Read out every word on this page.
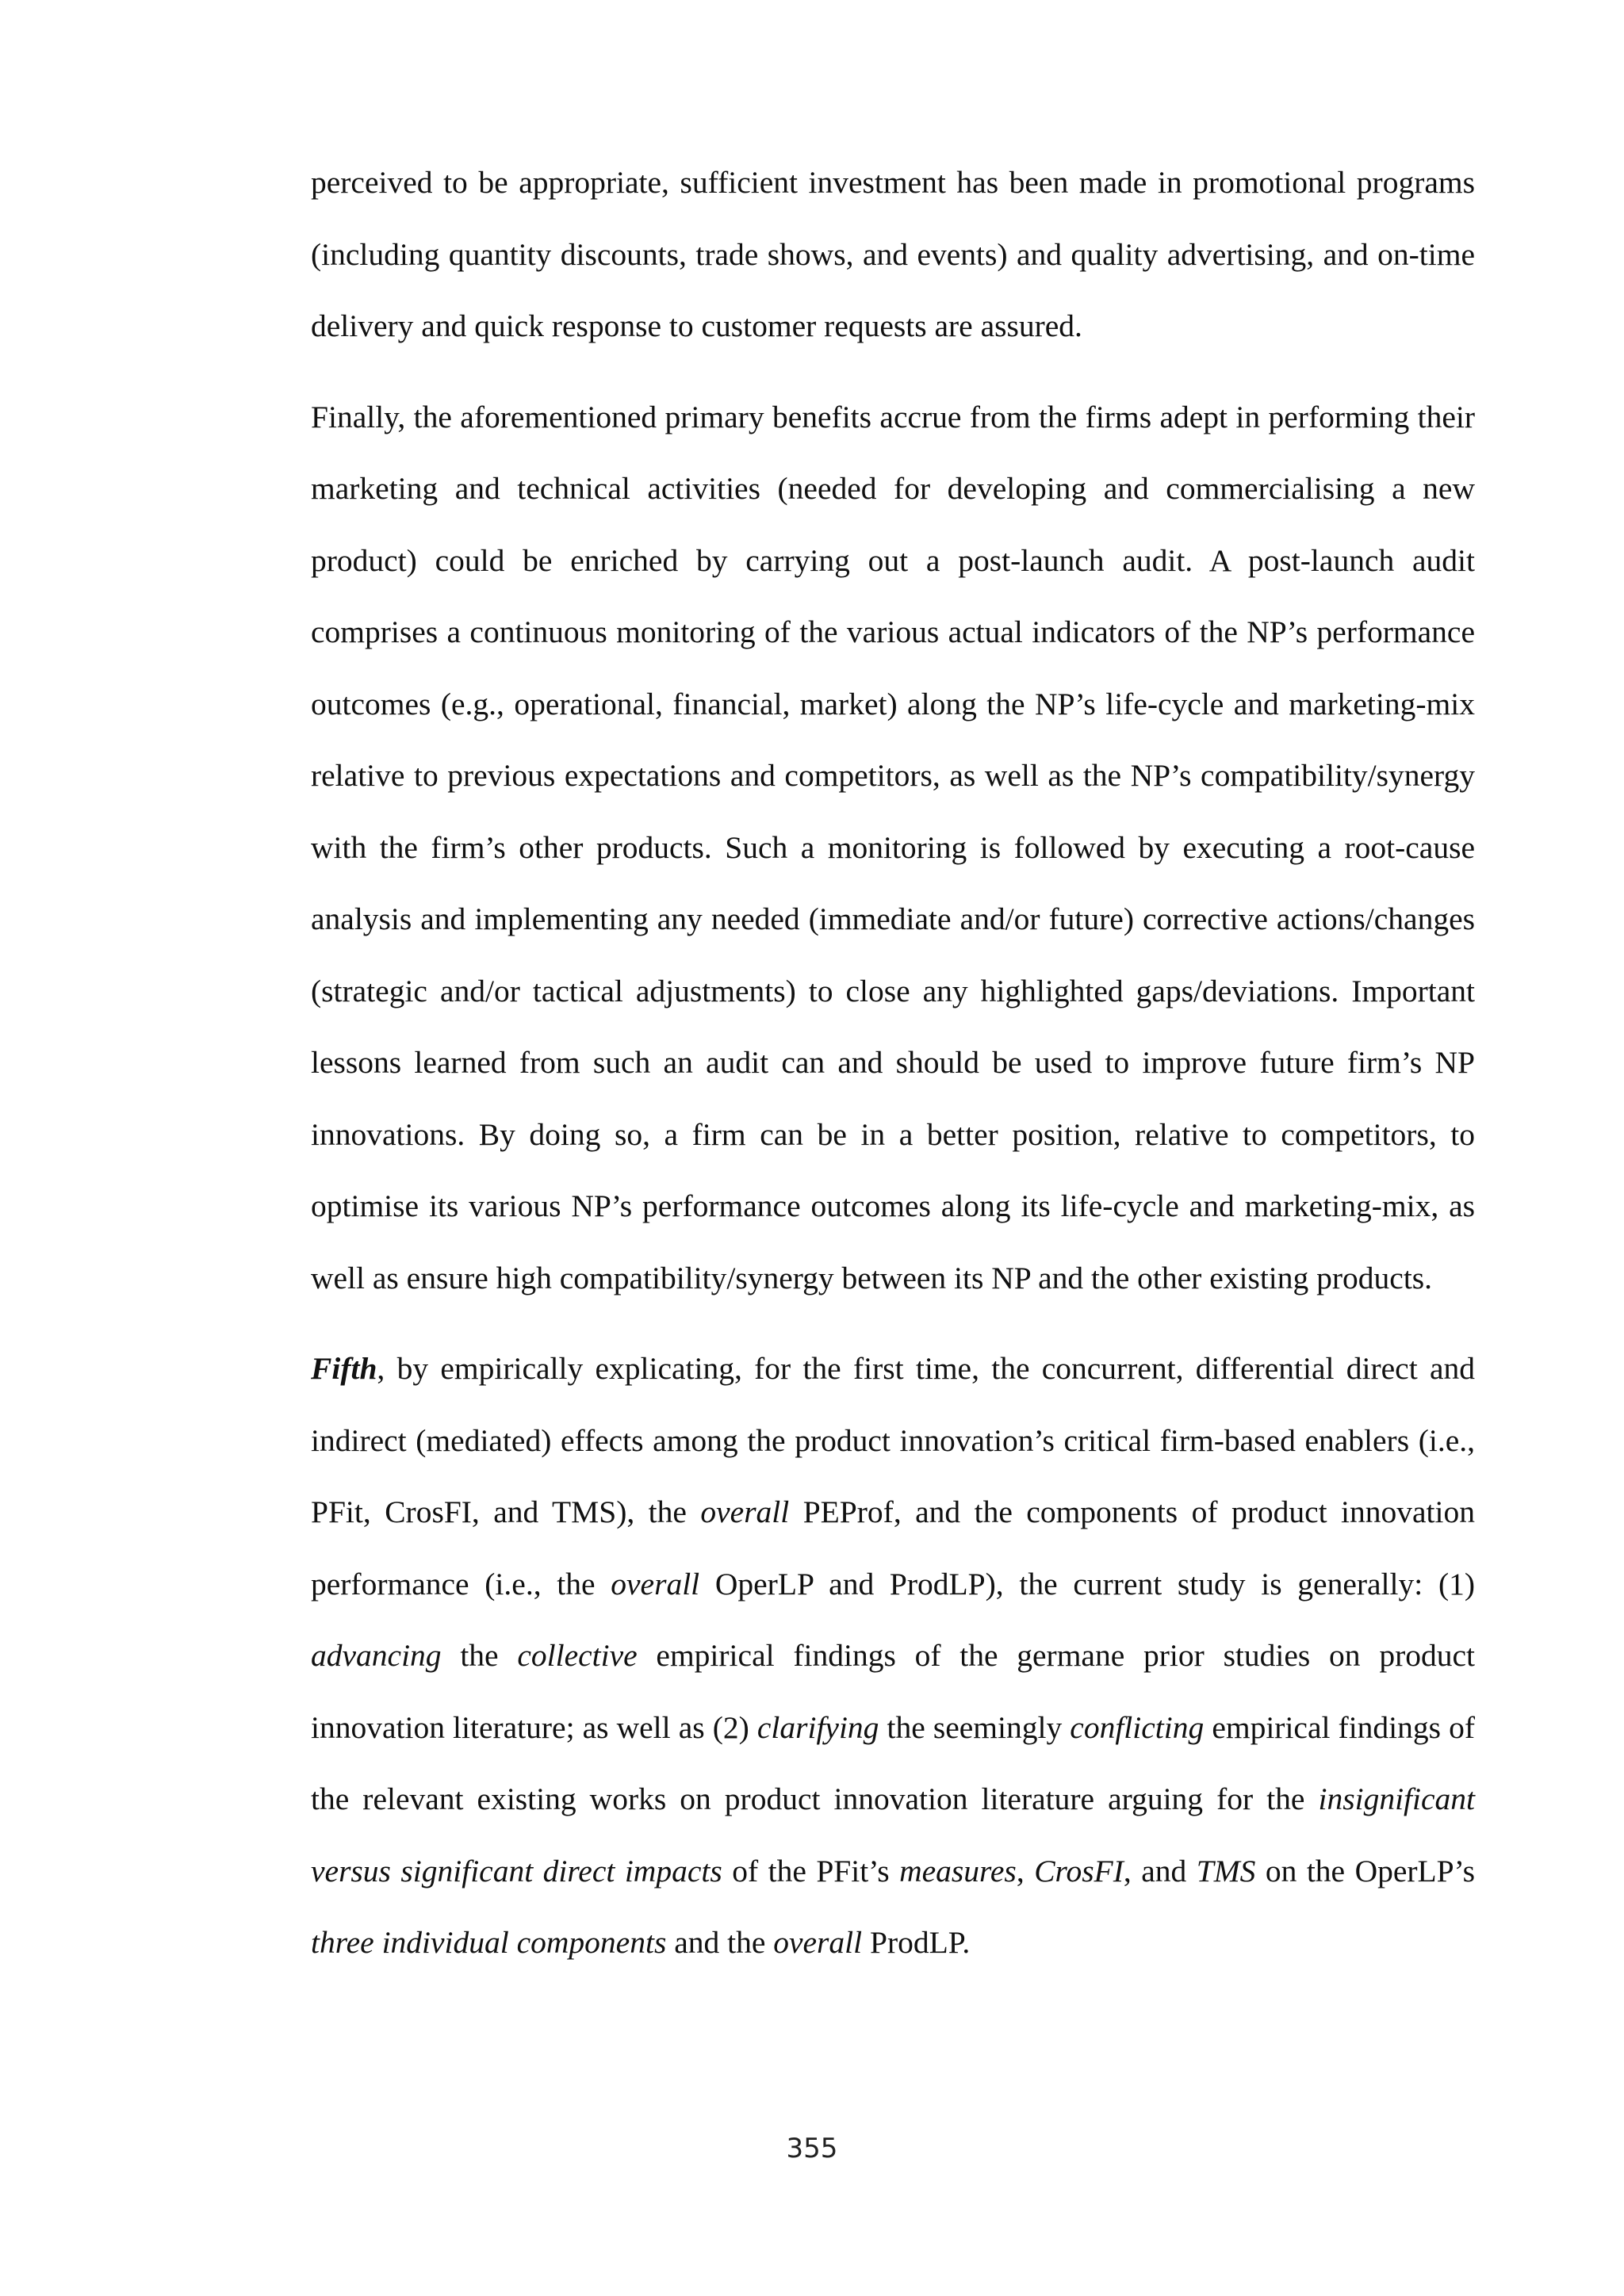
perceived to be appropriate, sufficient investment has been made in promotional programs (including quantity discounts, trade shows, and events) and quality advertising, and on-time delivery and quick response to customer requests are assured.

Finally, the aforementioned primary benefits accrue from the firms adept in performing their marketing and technical activities (needed for developing and commercialising a new product) could be enriched by carrying out a post-launch audit. A post-launch audit comprises a continuous monitoring of the various actual indicators of the NP’s performance outcomes (e.g., operational, financial, market) along the NP’s life-cycle and marketing-mix relative to previous expectations and competitors, as well as the NP’s compatibility/synergy with the firm’s other products. Such a monitoring is followed by executing a root-cause analysis and implementing any needed (immediate and/or future) corrective actions/changes (strategic and/or tactical adjustments) to close any highlighted gaps/deviations. Important lessons learned from such an audit can and should be used to improve future firm’s NP innovations. By doing so, a firm can be in a better position, relative to competitors, to optimise its various NP’s performance outcomes along its life-cycle and marketing-mix, as well as ensure high compatibility/synergy between its NP and the other existing products.

Fifth, by empirically explicating, for the first time, the concurrent, differential direct and indirect (mediated) effects among the product innovation’s critical firm-based enablers (i.e., PFit, CrosFI, and TMS), the overall PEProf, and the components of product innovation performance (i.e., the overall OperLP and ProdLP), the current study is generally: (1) advancing the collective empirical findings of the germane prior studies on product innovation literature; as well as (2) clarifying the seemingly conflicting empirical findings of the relevant existing works on product innovation literature arguing for the insignificant versus significant direct impacts of the PFit’s measures, CrosFI, and TMS on the OperLP’s three individual components and the overall ProdLP.

355
